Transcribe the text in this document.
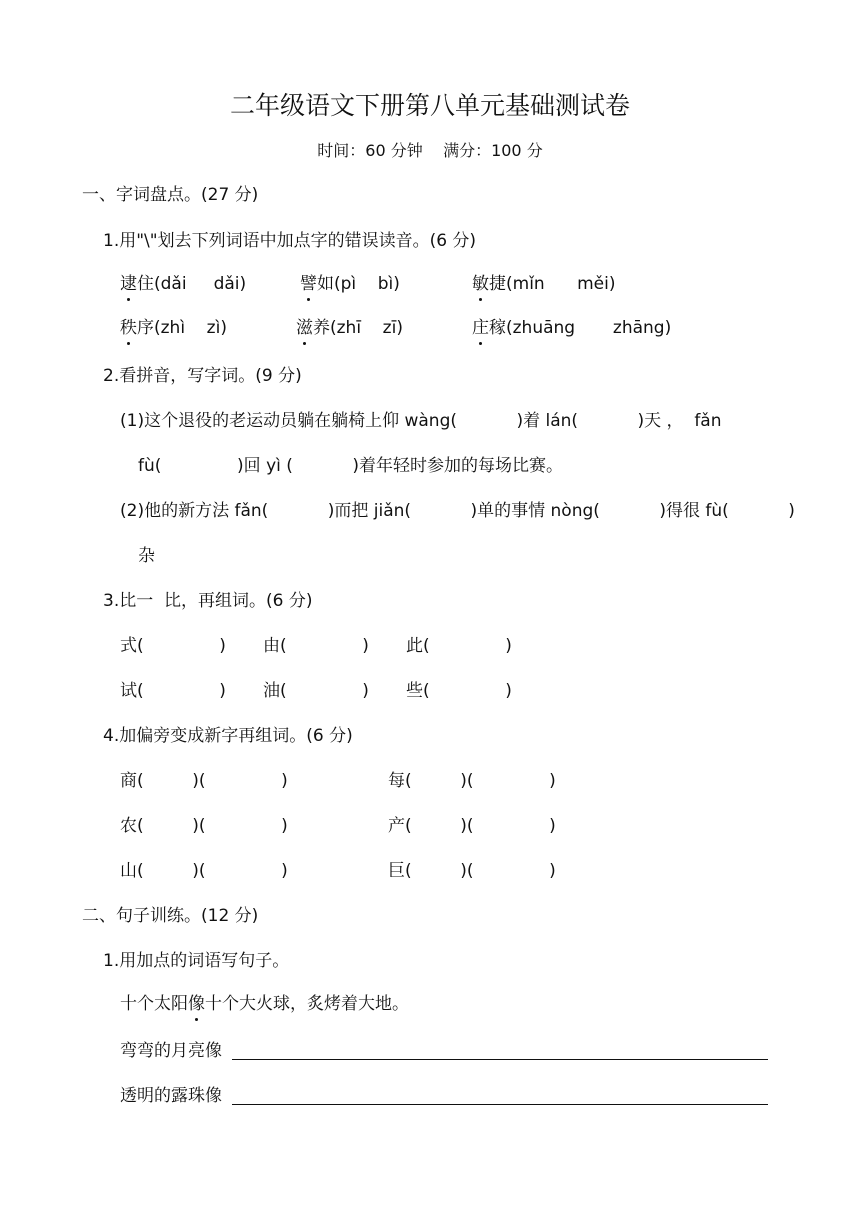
二年级语文下册第八单元基础测试卷
时间：60 分钟    满分：100 分
一、字词盘点。(27 分)
1.用"\"划去下列词语中加点字的错误读音。(6 分)
逮住(dǎi     dǎi)	譬如(pì    bì)	敏捷(mǐn      měi)
秩序(zhì    zì)	滋养(zhī    zī)	庄稼(zhuāng       zhāng)
2.看拼音，写字词。(9 分)
(1)这个退役的老运动员躺在躺椅上仰 wàng(           )着 lán(           )天 ，  fǎn
fù(              )回 yì (           )着年轻时参加的每场比赛。
(2)他的新方法 fǎn(           )而把 jiǎn(           )单的事情 nòng(           )得很 fù(           )
杂
3.比一  比，再组词。(6 分)
式(              ) 由(              ) 此(              )
试(              ) 油(              ) 些(              )
4.加偏旁变成新字再组词。(6 分)
商(         )(              )	每(         )(              )
农(         )(              )	产(         )(              )
山(         )(              )	巨(         )(              )
二、句子训练。(12 分)
1.用加点的词语写句子。
十个太阳像十个大火球，炙烤着大地。
弯弯的月亮像
透明的露珠像
